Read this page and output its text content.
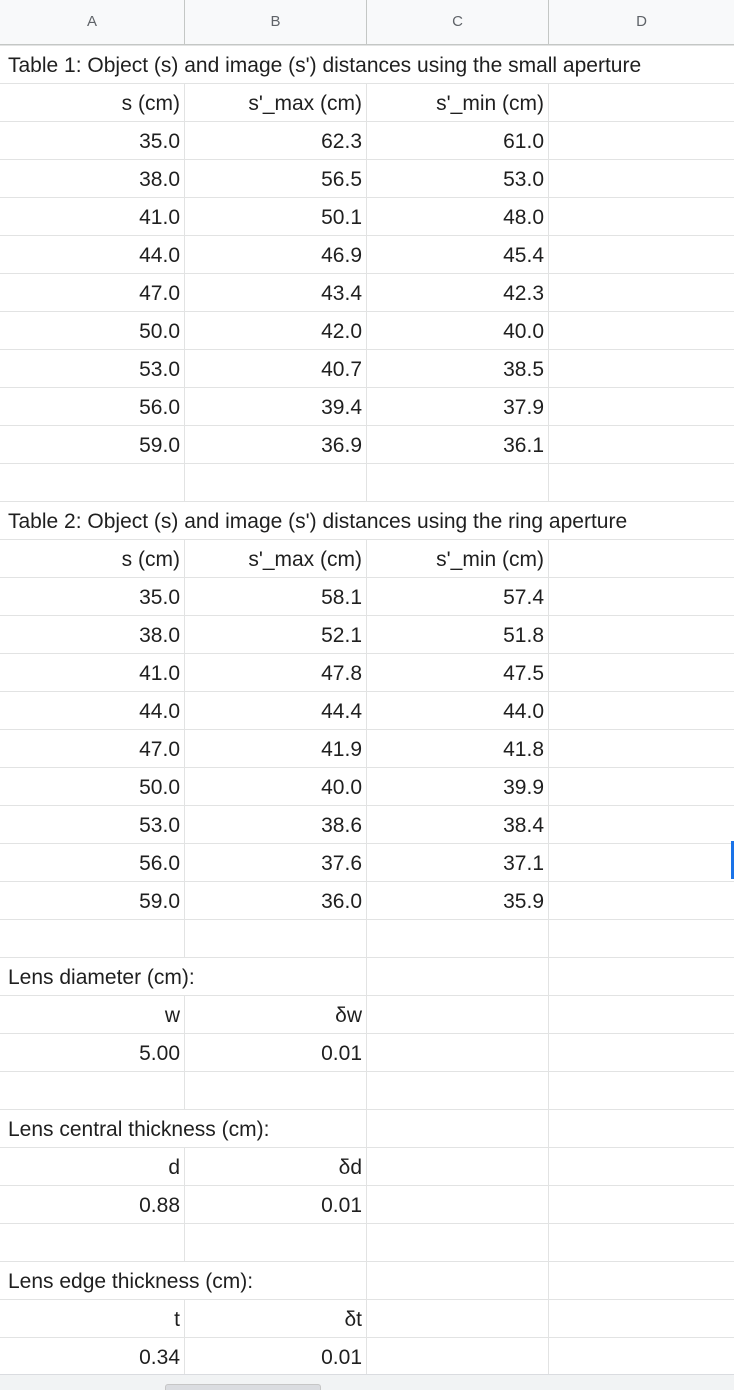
A	B	C	D
Table 1: Object (s) and image (s') distances using the small aperture
s (cm)	s'_max (cm)	s'_min (cm)
35.0	62.3	61.0
38.0	56.5	53.0
41.0	50.1	48.0
44.0	46.9	45.4
47.0	43.4	42.3
50.0	42.0	40.0
53.0	40.7	38.5
56.0	39.4	37.9
59.0	36.9	36.1
Table 2: Object (s) and image (s') distances using the ring aperture
s (cm)	s'_max (cm)	s'_min (cm)
35.0	58.1	57.4
38.0	52.1	51.8
41.0	47.8	47.5
44.0	44.4	44.0
47.0	41.9	41.8
50.0	40.0	39.9
53.0	38.6	38.4
56.0	37.6	37.1
59.0	36.0	35.9
Lens diameter (cm):
w	δw
5.00	0.01
Lens central thickness (cm):
d	δd
0.88	0.01
Lens edge thickness (cm):
t	δt
0.34	0.01
